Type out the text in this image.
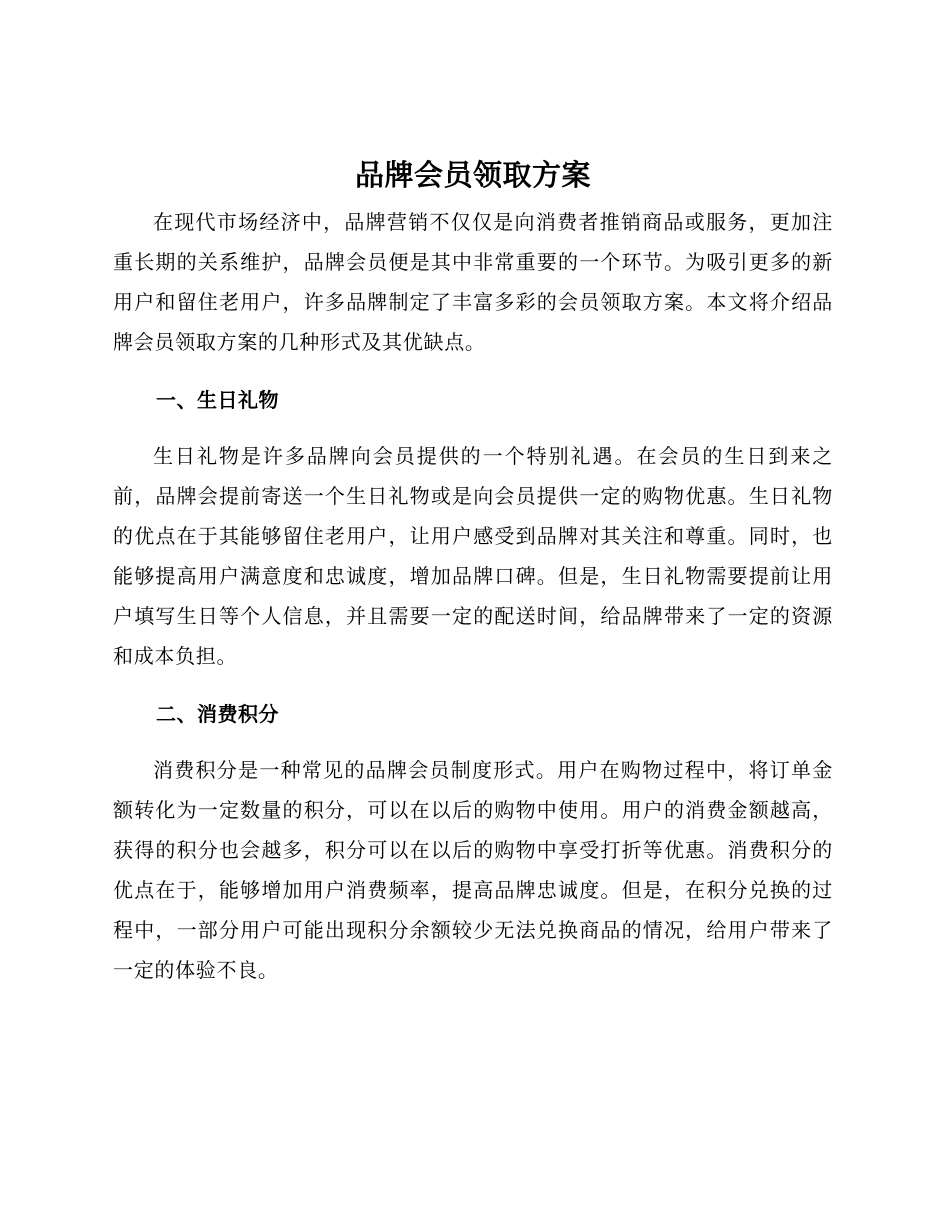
品牌会员领取方案

在现代市场经济中，品牌营销不仅仅是向消费者推销商品或服务，更加注重长期的关系维护，品牌会员便是其中非常重要的一个环节。为吸引更多的新用户和留住老用户，许多品牌制定了丰富多彩的会员领取方案。本文将介绍品牌会员领取方案的几种形式及其优缺点。

一、生日礼物

生日礼物是许多品牌向会员提供的一个特别礼遇。在会员的生日到来之前，品牌会提前寄送一个生日礼物或是向会员提供一定的购物优惠。生日礼物的优点在于其能够留住老用户，让用户感受到品牌对其关注和尊重。同时，也能够提高用户满意度和忠诚度，增加品牌口碑。但是，生日礼物需要提前让用户填写生日等个人信息，并且需要一定的配送时间，给品牌带来了一定的资源和成本负担。

二、消费积分

消费积分是一种常见的品牌会员制度形式。用户在购物过程中，将订单金额转化为一定数量的积分，可以在以后的购物中使用。用户的消费金额越高，获得的积分也会越多，积分可以在以后的购物中享受打折等优惠。消费积分的优点在于，能够增加用户消费频率，提高品牌忠诚度。但是，在积分兑换的过程中，一部分用户可能出现积分余额较少无法兑换商品的情况，给用户带来了一定的体验不良。
